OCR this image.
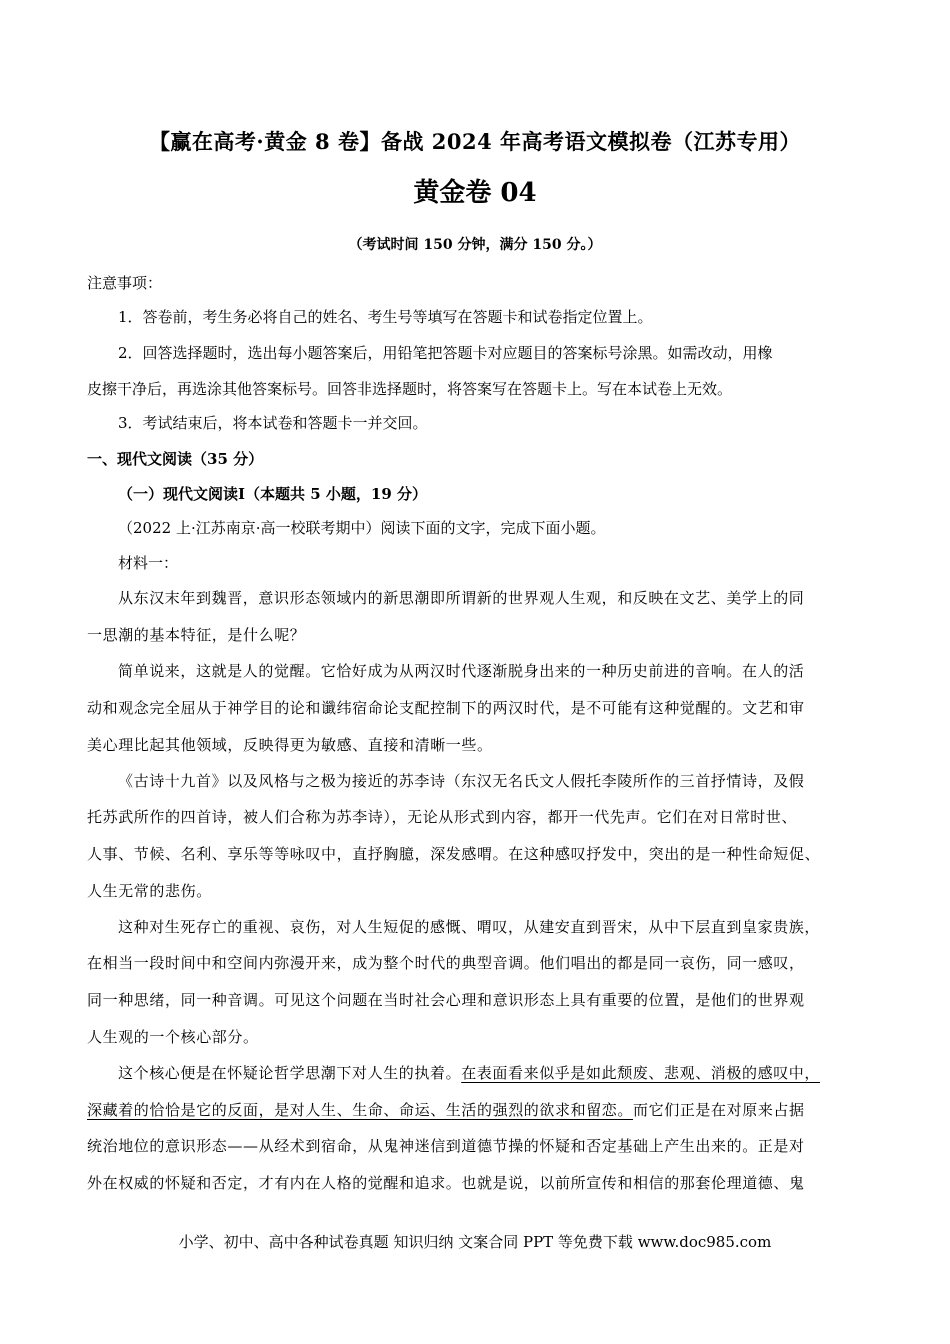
【赢在高考·黄金 8 卷】备战 2024 年高考语文模拟卷（江苏专用）
黄金卷 04
（考试时间 150 分钟，满分 150 分。）
注意事项：
1．答卷前，考生务必将自己的姓名、考生号等填写在答题卡和试卷指定位置上。
2．回答选择题时，选出每小题答案后，用铅笔把答题卡对应题目的答案标号涂黑。如需改动，用橡
皮擦干净后，再选涂其他答案标号。回答非选择题时，将答案写在答题卡上。写在本试卷上无效。
3．考试结束后，将本试卷和答题卡一并交回。
一、现代文阅读（35 分）
（一）现代文阅读Ⅰ（本题共 5 小题，19 分）
（2022 上·江苏南京·高一校联考期中）阅读下面的文字，完成下面小题。
材料一：
从东汉末年到魏晋，意识形态领域内的新思潮即所谓新的世界观人生观，和反映在文艺、美学上的同
一思潮的基本特征，是什么呢？
简单说来，这就是人的觉醒。它恰好成为从两汉时代逐渐脱身出来的一种历史前进的音响。在人的活
动和观念完全屈从于神学目的论和谶纬宿命论支配控制下的两汉时代，是不可能有这种觉醒的。文艺和审
美心理比起其他领域，反映得更为敏感、直接和清晰一些。
《古诗十九首》以及风格与之极为接近的苏李诗（东汉无名氏文人假托李陵所作的三首抒情诗，及假
托苏武所作的四首诗，被人们合称为苏李诗），无论从形式到内容，都开一代先声。它们在对日常时世、
人事、节候、名利、享乐等等咏叹中，直抒胸臆，深发感喟。在这种感叹抒发中，突出的是一种性命短促、
人生无常的悲伤。
这种对生死存亡的重视、哀伤，对人生短促的感慨、喟叹，从建安直到晋宋，从中下层直到皇家贵族，
在相当一段时间中和空间内弥漫开来，成为整个时代的典型音调。他们唱出的都是同一哀伤，同一感叹，
同一种思绪，同一种音调。可见这个问题在当时社会心理和意识形态上具有重要的位置，是他们的世界观
人生观的一个核心部分。
这个核心便是在怀疑论哲学思潮下对人生的执着。在表面看来似乎是如此颓废、悲观、消极的感叹中，
深藏着的恰恰是它的反面，是对人生、生命、命运、生活的强烈的欲求和留恋。而它们正是在对原来占据
统治地位的意识形态——从经术到宿命，从鬼神迷信到道德节操的怀疑和否定基础上产生出来的。正是对
外在权威的怀疑和否定，才有内在人格的觉醒和追求。也就是说，以前所宣传和相信的那套伦理道德、鬼
小学、初中、高中各种试卷真题 知识归纳 文案合同 PPT 等免费下载 www.doc985.com
